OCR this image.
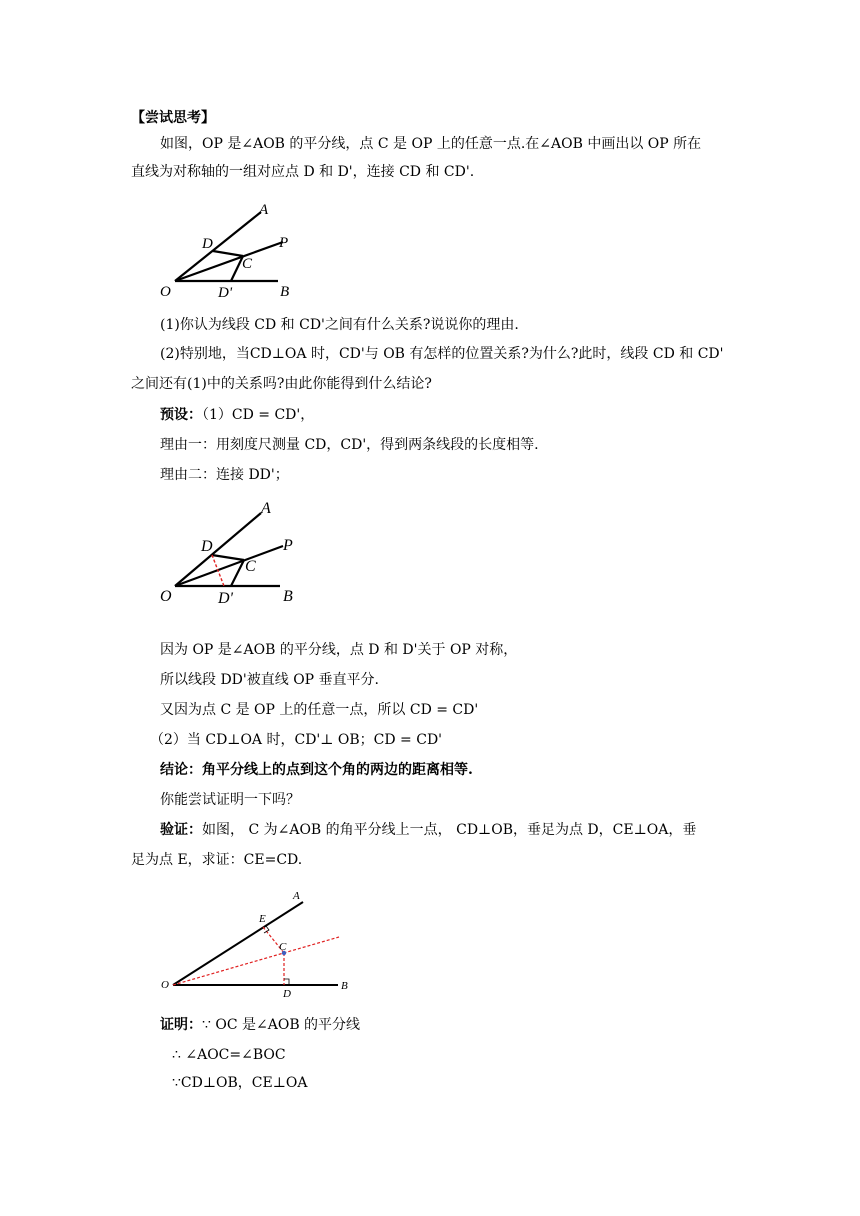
【尝试思考】
如图，OP 是∠AOB 的平分线，点 C 是 OP 上的任意一点.在∠AOB 中画出以 OP 所在
直线为对称轴的一组对应点 D 和 D'，连接 CD 和 CD'.
A
D	P
C
O	D'	B
(1)你认为线段 CD 和 CD'之间有什么关系?说说你的理由.
(2)特别地，当CD⊥OA 时，CD'与 OB 有怎样的位置关系?为什么?此时，线段 CD 和 CD'
之间还有(1)中的关系吗?由此你能得到什么结论?
预设：（1）CD = CD'，
理由一：用刻度尺测量 CD，CD'，得到两条线段的长度相等.
理由二：连接 DD'；
A
D	P
C
O	D'	B
因为 OP 是∠AOB 的平分线，点 D 和 D'关于 OP 对称，
所以线段 DD'被直线 OP 垂直平分.
又因为点 C 是 OP 上的任意一点，所以 CD = CD'
（2）当 CD⊥OA 时，CD'⊥ OB；CD = CD'
结论：角平分线上的点到这个角的两边的距离相等.
你能尝试证明一下吗？
验证：如图， C 为∠AOB 的角平分线上一点， CD⊥OB，垂足为点 D，CE⊥OA，垂
足为点 E，求证：CE=CD.
A
E
C
O
D
B
证明：∵ OC 是∠AOB 的平分线
∴ ∠AOC=∠BOC
∵CD⊥OB，CE⊥OA
